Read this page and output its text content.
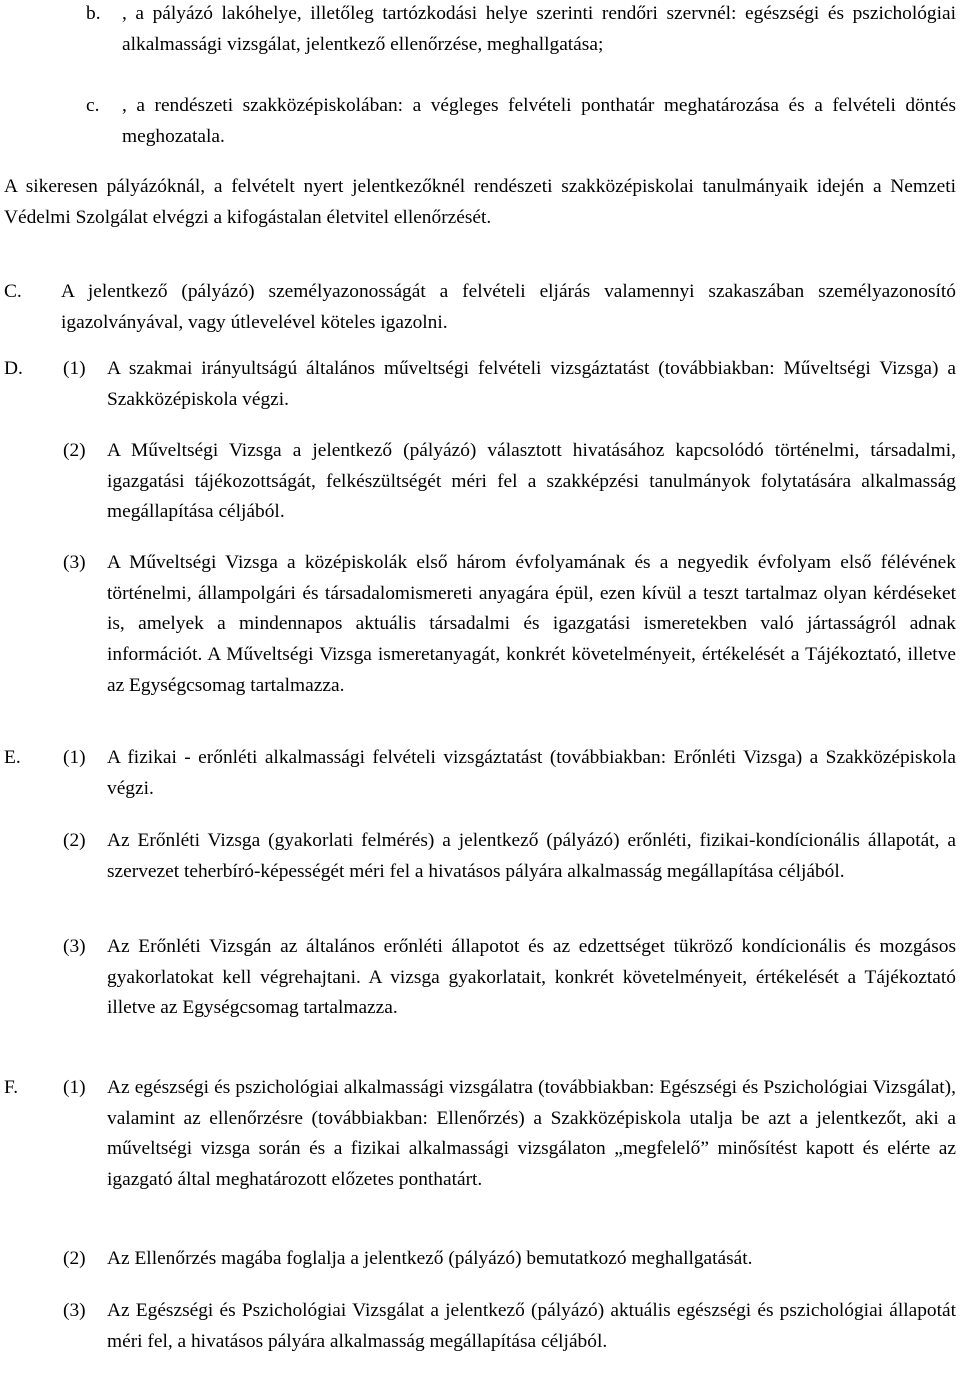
b. , a pályázó lakóhelye, illetőleg tartózkodási helye szerinti rendőri szervnél: egészségi és pszichológiai alkalmassági vizsgálat, jelentkező ellenőrzése, meghallgatása;

c. , a rendészeti szakközépiskolában: a végleges felvételi ponthatár meghatározása és a felvételi döntés meghozatala.

A sikeresen pályázóknál, a felvételt nyert jelentkezőknél rendészeti szakközépiskolai tanulmányaik idején a Nemzeti Védelmi Szolgálat elvégzi a kifogástalan életvitel ellenőrzését.

C. A jelentkező (pályázó) személyazonosságát a felvételi eljárás valamennyi szakaszában személyazonosító igazolványával, vagy útlevelével köteles igazolni.

D. (1) A szakmai irányultságú általános műveltségi felvételi vizsgáztatást (továbbiakban: Műveltségi Vizsga) a Szakközépiskola végzi.

(2) A Műveltségi Vizsga a jelentkező (pályázó) választott hivatásához kapcsolódó történelmi, társadalmi, igazgatási tájékozottságát, felkészültségét méri fel a szakképzési tanulmányok folytatására alkalmasság megállapítása céljából.

(3) A Műveltségi Vizsga a középiskolák első három évfolyamának és a negyedik évfolyam első félévének történelmi, állampolgári és társadalomismereti anyagára épül, ezen kívül a teszt tartalmaz olyan kérdéseket is, amelyek a mindennapos aktuális társadalmi és igazgatási ismeretekben való jártasságról adnak információt. A Műveltségi Vizsga ismeretanyagát, konkrét követelményeit, értékelését a Tájékoztató, illetve az Egységcsomag tartalmazza.

E. (1) A fizikai - erőnléti alkalmassági felvételi vizsgáztatást (továbbiakban: Erőnléti Vizsga) a Szakközépiskola végzi.

(2) Az Erőnléti Vizsga (gyakorlati felmérés) a jelentkező (pályázó) erőnléti, fizikai-kondícionális állapotát, a szervezet teherbíró-képességét méri fel a hivatásos pályára alkalmasság megállapítása céljából.

(3) Az Erőnléti Vizsgán az általános erőnléti állapotot és az edzettséget tükröző kondícionális és mozgásos gyakorlatokat kell végrehajtani. A vizsga gyakorlatait, konkrét követelményeit, értékelését a Tájékoztató illetve az Egységcsomag tartalmazza.

F. (1) Az egészségi és pszichológiai alkalmassági vizsgálatra (továbbiakban: Egészségi és Pszichológiai Vizsgálat), valamint az ellenőrzésre (továbbiakban: Ellenőrzés) a Szakközépiskola utalja be azt a jelentkezőt, aki a műveltségi vizsga során és a fizikai alkalmassági vizsgálaton „megfelelő” minősítést kapott és elérte az igazgató által meghatározott előzetes ponthatárt.

(2) Az Ellenőrzés magába foglalja a jelentkező (pályázó) bemutatkozó meghallgatását.

(3) Az Egészségi és Pszichológiai Vizsgálat a jelentkező (pályázó) aktuális egészségi és pszichológiai állapotát méri fel, a hivatásos pályára alkalmasság megállapítása céljából.
